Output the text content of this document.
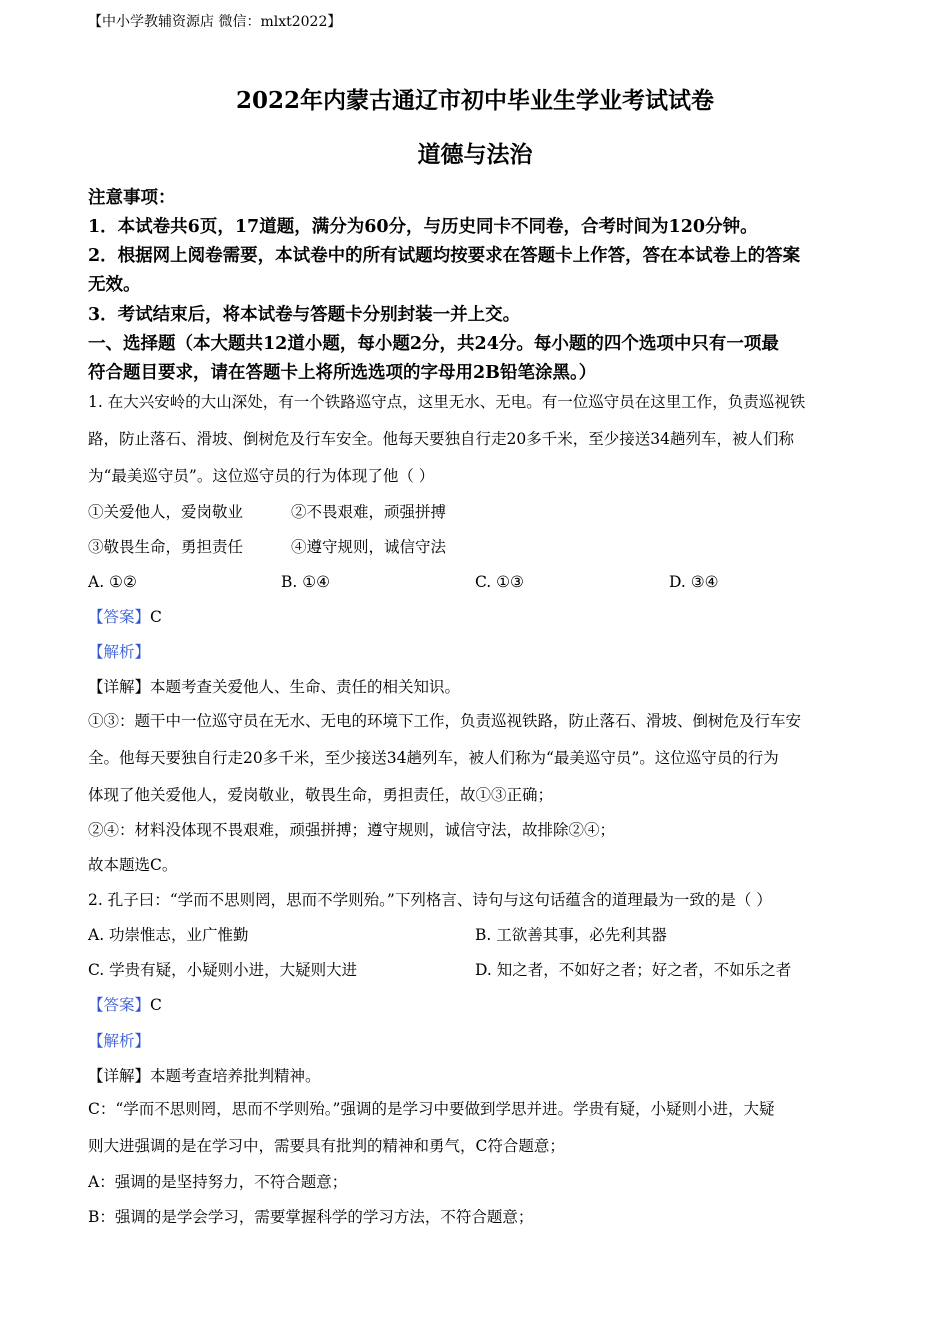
【中小学教辅资源店 微信：mlxt2022】
2022年内蒙古通辽市初中毕业生学业考试试卷
道德与法治
注意事项：
1．本试卷共6页，17道题，满分为60分，与历史同卡不同卷，合考时间为120分钟。
2．根据网上阅卷需要，本试卷中的所有试题均按要求在答题卡上作答，答在本试卷上的答案
无效。
3．考试结束后，将本试卷与答题卡分别封装一并上交。
一、选择题（本大题共12道小题，每小题2分，共24分。每小题的四个选项中只有一项最
符合题目要求，请在答题卡上将所选选项的字母用2B铅笔涂黑。）
1. 在大兴安岭的大山深处，有一个铁路巡守点，这里无水、无电。有一位巡守员在这里工作，负责巡视铁
路，防止落石、滑坡、倒树危及行车安全。他每天要独自行走20多千米，至少接送34趟列车，被人们称
为“最美巡守员”。这位巡守员的行为体现了他（ ）
①关爱他人，爱岗敬业	②不畏艰难，顽强拼搏
③敬畏生命，勇担责任	④遵守规则，诚信守法
A. ①②	B. ①④	C. ①③	D. ③④
【答案】C
【解析】
【详解】本题考查关爱他人、生命、责任的相关知识。
①③：题干中一位巡守员在无水、无电的环境下工作，负责巡视铁路，防止落石、滑坡、倒树危及行车安
全。他每天要独自行走20多千米，至少接送34趟列车，被人们称为“最美巡守员”。这位巡守员的行为
体现了他关爱他人，爱岗敬业，敬畏生命，勇担责任，故①③正确；
②④：材料没体现不畏艰难，顽强拼搏；遵守规则，诚信守法，故排除②④；
故本题选C。
2. 孔子曰：“学而不思则罔，思而不学则殆。”下列格言、诗句与这句话蕴含的道理最为一致的是（ ）
A. 功崇惟志，业广惟勤	B. 工欲善其事，必先利其器
C. 学贵有疑，小疑则小进，大疑则大进	D. 知之者，不如好之者；好之者，不如乐之者
【答案】C
【解析】
【详解】本题考查培养批判精神。
C：“学而不思则罔，思而不学则殆。”强调的是学习中要做到学思并进。学贵有疑，小疑则小进，大疑
则大进强调的是在学习中，需要具有批判的精神和勇气，C符合题意；
A：强调的是坚持努力，不符合题意；
B：强调的是学会学习，需要掌握科学的学习方法，不符合题意；
